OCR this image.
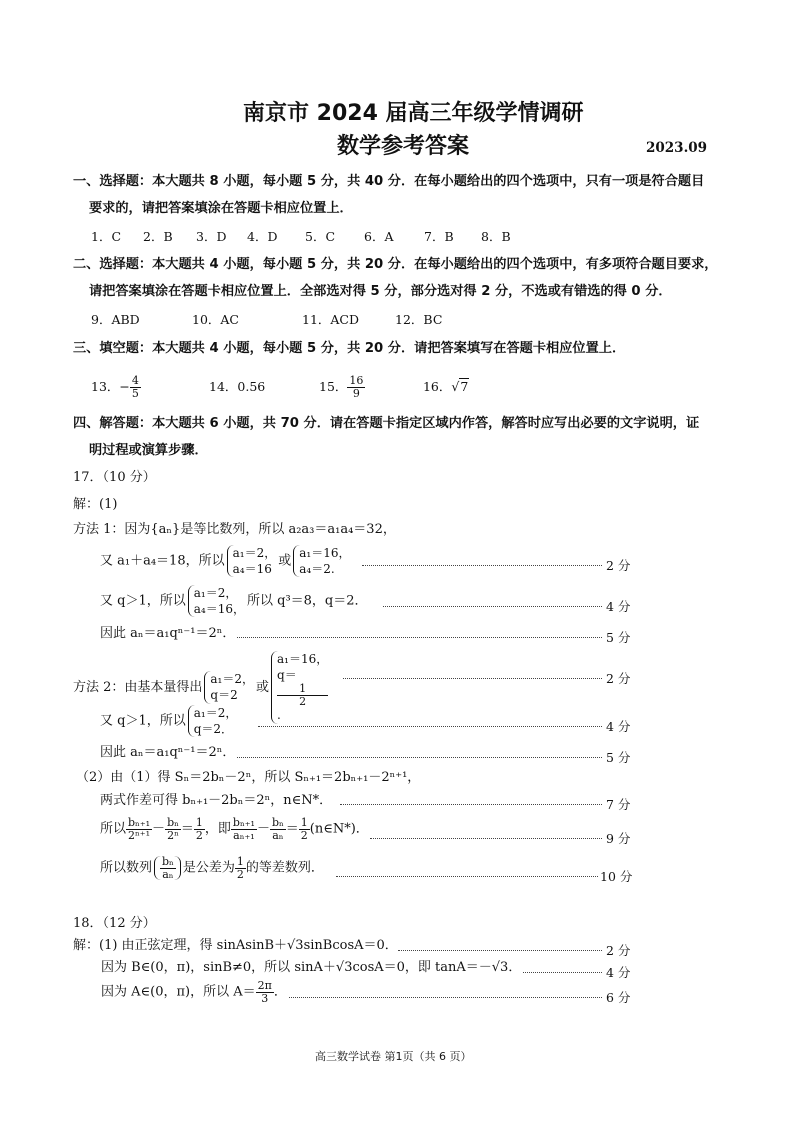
南京市 2024 届高三年级学情调研
数学参考答案	2023.09
一、选择题：本大题共 8 小题，每小题 5 分，共 40 分．在每小题给出的四个选项中，只有一项是符合题目
要求的，请把答案填涂在答题卡相应位置上．
1．C 2．B 3．D 4．D 5．C 6．A 7．B 8．B
二、选择题：本大题共 4 小题，每小题 5 分，共 20 分．在每小题给出的四个选项中，有多项符合题目要求，
请把答案填涂在答题卡相应位置上．全部选对得 5 分，部分选对得 2 分，不选或有错选的得 0 分．
9．ABD	10．AC	11．ACD	12．BC
三、填空题：本大题共 4 小题，每小题 5 分，共 20 分．请把答案填写在答题卡相应位置上．
13．− $\frac{4}{5}$	14．0.56	15． $\frac{16}{9}$	16．√7
四、解答题：本大题共 6 小题，共 70 分．请在答题卡指定区域内作答，解答时应写出必要的文字说明，证
明过程或演算步骤．
17．（10 分）
解：(1)
方法 1：因为{aₙ}是等比数列，所以 a₂a₃＝a₁a₄＝32，
又 a₁＋a₄＝18，所以
a₁＝2，
a₄＝16
或
a₁＝16，
a₄＝2.	2 分
又 q＞1，所以
a₁＝2，
a₄＝16，
所以 q³＝8，q＝2．	4 分
因此 aₙ＝a₁qⁿ⁻¹＝2ⁿ．	5 分
方法 2：由基本量得出
a₁＝2，
q＝2
或
a₁＝16，
q＝
1
2
.
2 分
又 q＞1，所以
a₁＝2，
q＝2．	4 分
因此 aₙ＝a₁qⁿ⁻¹＝2ⁿ．	5 分
（2）由（1）得 Sₙ＝2bₙ－2ⁿ，所以 Sₙ₊₁＝2bₙ₊₁－2ⁿ⁺¹，
两式作差可得 bₙ₊₁－2bₙ＝2ⁿ，n∈N*．	7 分
所以 $\frac{\text{bₙ₊₁}}{\text{2ⁿ⁺¹}} - \frac{\text{bₙ}}{\text{2ⁿ}} = \frac{1}{2}$ ，即 $\frac{\text{bₙ₊₁}}{\text{aₙ₊₁}} - \frac{\text{bₙ}}{\text{aₙ}} = \frac{1}{2}$ (n∈N*)．
9 分
所以数列 bₙ
aₙ 是公差为 $\frac{1}{2}$ 的等差数列．
10 分
18．（12 分）
解：(1) 由正弦定理，得 sinAsinB＋√3sinBcosA＝0．	2 分
因为 B∈(0，π)，sinB≠0，所以 sinA＋√3cosA＝0，即 tanA＝－√3．	4 分
因为 A∈(0，π)，所以 $A= \frac{2\pi}{3}$ ．	6 分
高三数学试卷 第1页（共 6 页）
